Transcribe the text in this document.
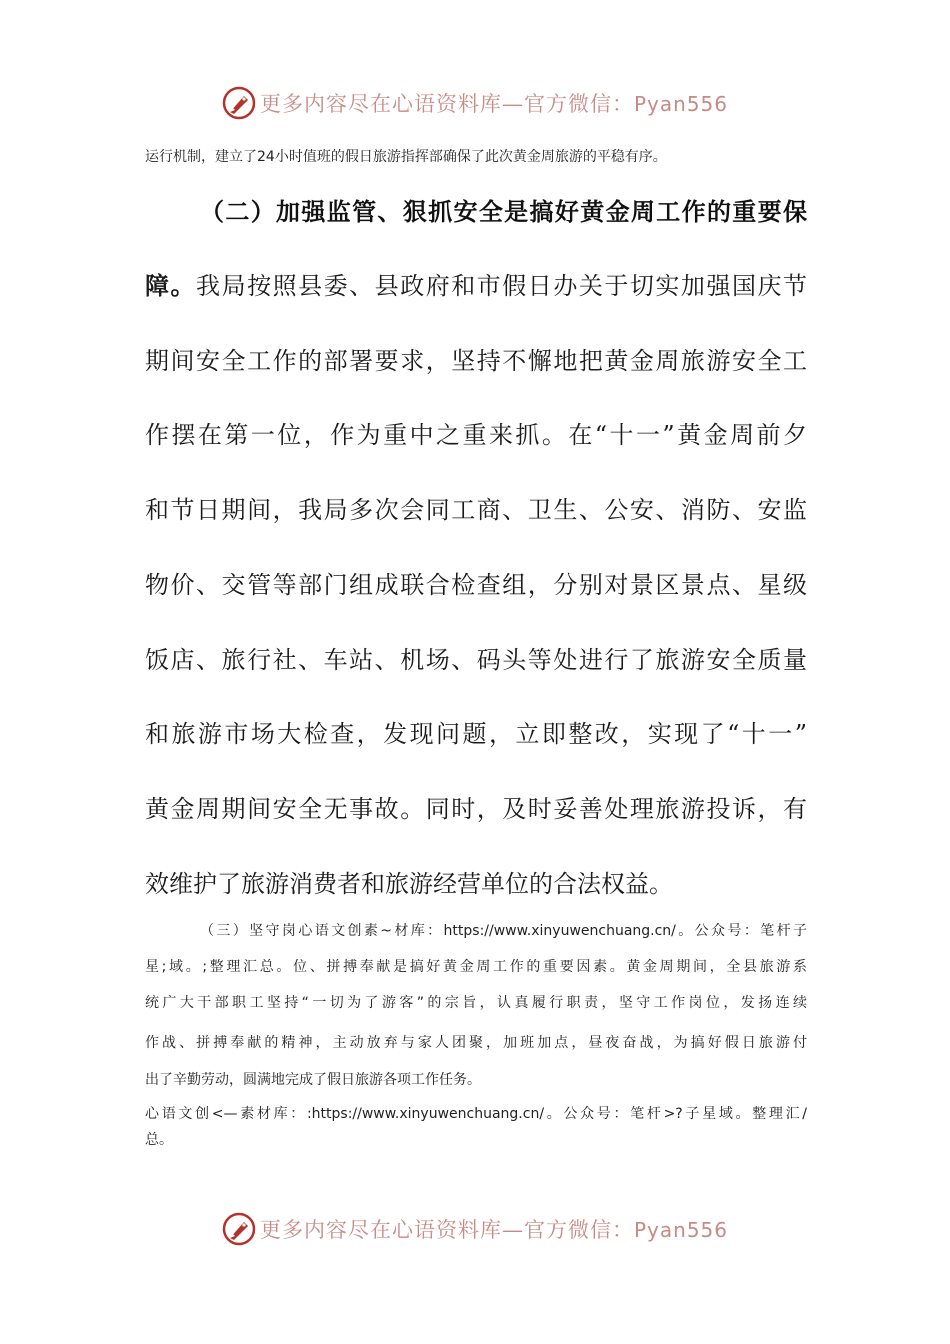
更多内容尽在心语资料库—官方微信：Pyan556
运行机制，建立了24小时值班的假日旅游指挥部确保了此次黄金周旅游的平稳有序。
（二）加强监管、狠抓安全是搞好黄金周工作的重要保
障。我局按照县委、县政府和市假日办关于切实加强国庆节
期间安全工作的部署要求，坚持不懈地把黄金周旅游安全工
作摆在第一位，作为重中之重来抓。在“十一”黄金周前夕
和节日期间，我局多次会同工商、卫生、公安、消防、安监
物价、交管等部门组成联合检查组，分别对景区景点、星级
饭店、旅行社、车站、机场、码头等处进行了旅游安全质量
和旅游市场大检查，发现问题，立即整改，实现了“十一”
黄金周期间安全无事故。同时，及时妥善处理旅游投诉，有
效维护了旅游消费者和旅游经营单位的合法权益。
（三）坚守岗心语文创素~材库：https://www.xinyuwenchuang.cn/。公众号：笔杆子
星;域。;整理汇总。位、拼搏奉献是搞好黄金周工作的重要因素。黄金周期间，全县旅游系
统广大干部职工坚持“一切为了游客”的宗旨，认真履行职责，坚守工作岗位，发扬连续
作战、拼搏奉献的精神，主动放弃与家人团聚，加班加点，昼夜奋战，为搞好假日旅游付
出了辛勤劳动，圆满地完成了假日旅游各项工作任务。
心语文创<—素材库：:https://www.xinyuwenchuang.cn/。公众号：笔杆>?子星域。整理汇/
总。
更多内容尽在心语资料库—官方微信：Pyan556
